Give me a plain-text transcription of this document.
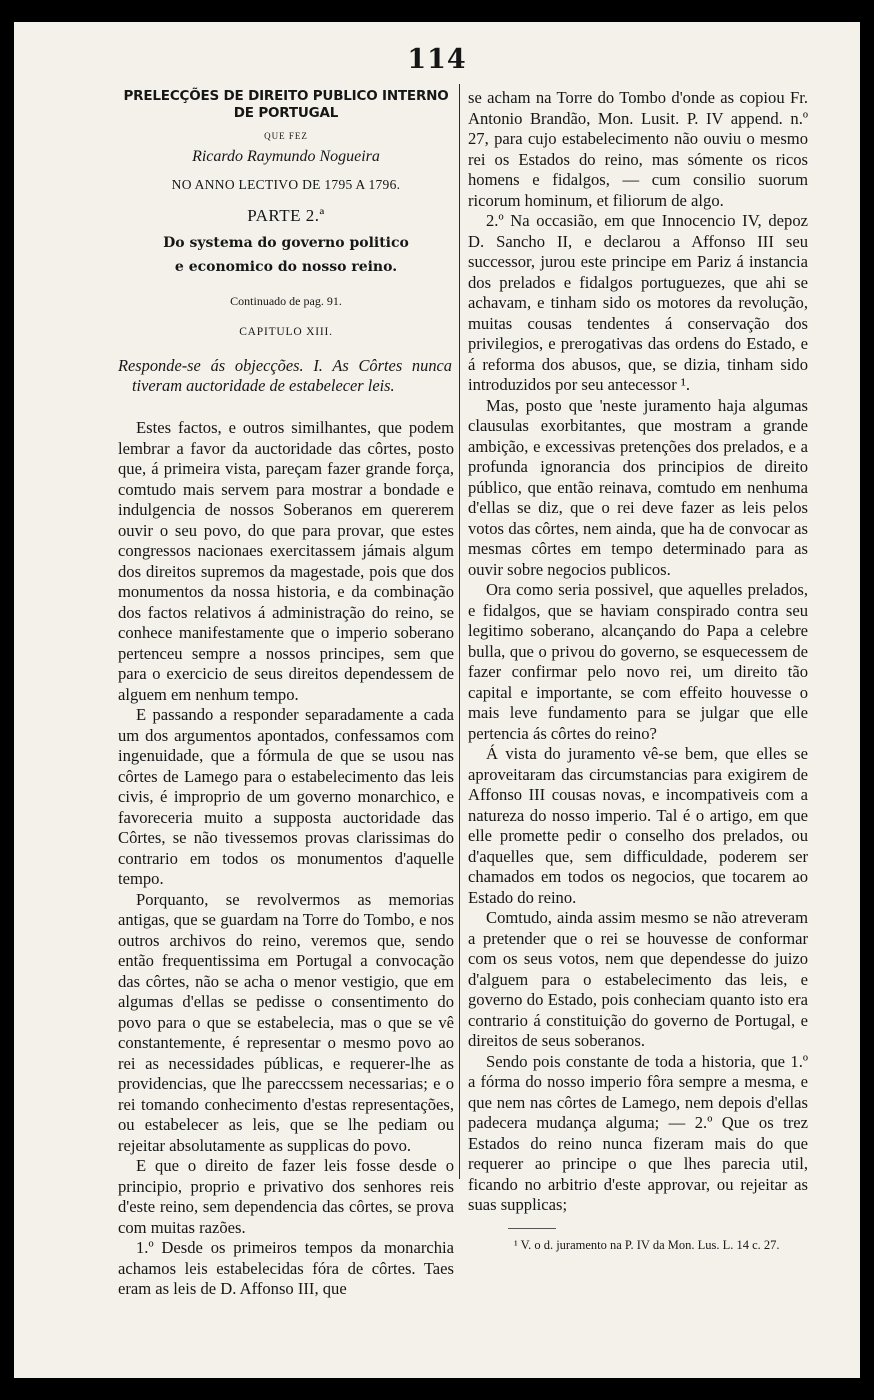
114
PRELECÇÕES DE DIREITO PUBLICO INTERNO
DE PORTUGAL
QUE FEZ
Ricardo Raymundo Nogueira
NO ANNO LECTIVO DE 1795 A 1796.
PARTE 2.ª
Do systema do governo politico
e economico do nosso reino.
Continuado de pag. 91.
CAPITULO XIII.
Responde-se ás objecções. I. As Côrtes nunca tiveram auctoridade de estabelecer leis.

Estes factos, e outros similhantes, que podem lembrar a favor da auctoridade das côrtes, posto que, á primeira vista, pareçam fazer grande força, comtudo mais servem para mostrar a bondade e indulgencia de nossos Soberanos em quererem ouvir o seu povo, do que para provar, que estes congressos nacionaes exercitassem jámais algum dos direitos supremos da magestade, pois que dos monumentos da nossa historia, e da combinação dos factos relativos á administração do reino, se conhece manifestamente que o imperio soberano pertenceu sempre a nossos principes, sem que para o exercicio de seus direitos dependessem de alguem em nenhum tempo.

E passando a responder separadamente a cada um dos argumentos apontados, confessamos com ingenuidade, que a fórmula de que se usou nas côrtes de Lamego para o estabelecimento das leis civis, é improprio de um governo monarchico, e favoreceria muito a supposta auctoridade das Côrtes, se não tivessemos provas clarissimas do contrario em todos os monumentos d'aquelle tempo.

Porquanto, se revolvermos as memorias antigas, que se guardam na Torre do Tombo, e nos outros archivos do reino, veremos que, sendo então frequentissima em Portugal a convocação das côrtes, não se acha o menor vestigio, que em algumas d'ellas se pedisse o consentimento do povo para o que se estabelecia, mas o que se vê constantemente, é representar o mesmo povo ao rei as necessidades públicas, e requerer-lhe as providencias, que lhe pareccssem necessarias; e o rei tomando conhecimento d'estas representações, ou estabelecer as leis, que se lhe pediam ou rejeitar absolutamente as supplicas do povo.

E que o direito de fazer leis fosse desde o principio, proprio e privativo dos senhores reis d'este reino, sem dependencia das côrtes, se prova com muitas razões.

1.º Desde os primeiros tempos da monarchia achamos leis estabelecidas fóra de côrtes. Taes eram as leis de D. Affonso III, que

se acham na Torre do Tombo d'onde as copiou Fr. Antonio Brandão, Mon. Lusit. P. IV append. n.º 27, para cujo estabelecimento não ouviu o mesmo rei os Estados do reino, mas sómente os ricos homens e fidalgos, — cum consilio suorum ricorum hominum, et filiorum de algo.

2.º Na occasião, em que Innocencio IV, depoz D. Sancho II, e declarou a Affonso III seu successor, jurou este principe em Pariz á instancia dos prelados e fidalgos portuguezes, que ahi se achavam, e tinham sido os motores da revolução, muitas cousas tendentes á conservação dos privilegios, e prerogativas das ordens do Estado, e á reforma dos abusos, que, se dizia, tinham sido introduzidos por seu antecessor ¹.

Mas, posto que 'neste juramento haja algumas clausulas exorbitantes, que mostram a grande ambição, e excessivas pretenções dos prelados, e a profunda ignorancia dos principios de direito público, que então reinava, comtudo em nenhuma d'ellas se diz, que o rei deve fazer as leis pelos votos das côrtes, nem ainda, que ha de convocar as mesmas côrtes em tempo determinado para as ouvir sobre negocios publicos.

Ora como seria possivel, que aquelles prelados, e fidalgos, que se haviam conspirado contra seu legitimo soberano, alcançando do Papa a celebre bulla, que o privou do governo, se esquecessem de fazer confirmar pelo novo rei, um direito tão capital e importante, se com effeito houvesse o mais leve fundamento para se julgar que elle pertencia ás côrtes do reino?

Á vista do juramento vê-se bem, que elles se aproveitaram das circumstancias para exigirem de Affonso III cousas novas, e incompativeis com a natureza do nosso imperio. Tal é o artigo, em que elle promette pedir o conselho dos prelados, ou d'aquelles que, sem difficuldade, poderem ser chamados em todos os negocios, que tocarem ao Estado do reino.

Comtudo, ainda assim mesmo se não atreveram a pretender que o rei se houvesse de conformar com os seus votos, nem que dependesse do juizo d'alguem para o estabelecimento das leis, e governo do Estado, pois conheciam quanto isto era contrario á constituição do governo de Portugal, e direitos de seus soberanos.

Sendo pois constante de toda a historia, que 1.º a fórma do nosso imperio fôra sempre a mesma, e que nem nas côrtes de Lamego, nem depois d'ellas padecera mudança alguma; — 2.º Que os trez Estados do reino nunca fizeram mais do que requerer ao principe o que lhes parecia util, ficando no arbitrio d'este approvar, ou rejeitar as suas supplicas;

¹ V. o d. juramento na P. IV da Mon. Lus. L. 14 c. 27.
